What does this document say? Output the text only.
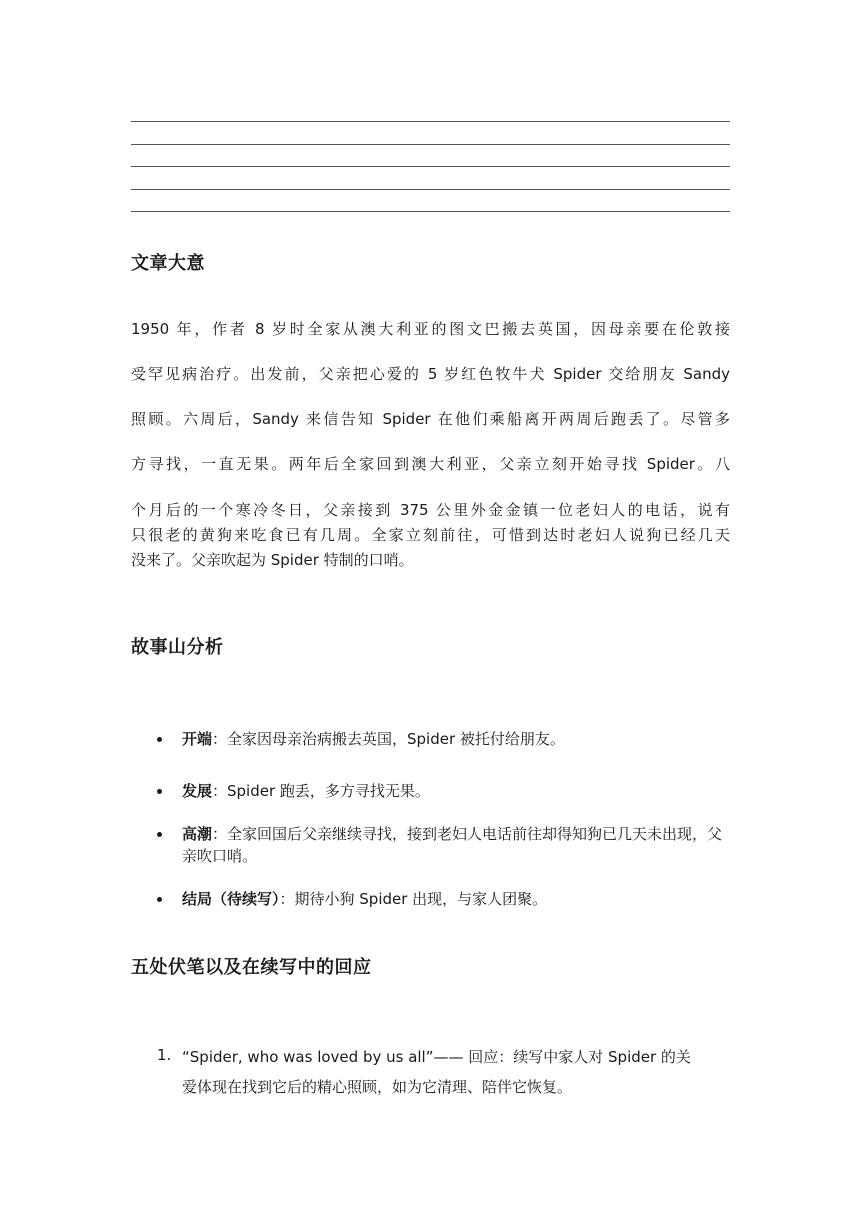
文章大意
1950 年，作者 8 岁时全家从澳大利亚的图文巴搬去英国，因母亲要在伦敦接
受罕见病治疗。出发前，父亲把心爱的 5 岁红色牧牛犬 Spider 交给朋友 Sandy
照顾。六周后，Sandy 来信告知 Spider 在他们乘船离开两周后跑丢了。尽管多
方寻找，一直无果。两年后全家回到澳大利亚，父亲立刻开始寻找 Spider。八
个月后的一个寒冷冬日，父亲接到 375 公里外金金镇一位老妇人的电话，说有
只很老的黄狗来吃食已有几周。全家立刻前往，可惜到达时老妇人说狗已经几天
没来了。父亲吹起为 Spider 特制的口哨。
故事山分析
开端：全家因母亲治病搬去英国，Spider 被托付给朋友。
发展：Spider 跑丢，多方寻找无果。
高潮：全家回国后父亲继续寻找，接到老妇人电话前往却得知狗已几天未出现，父亲吹口哨。
结局（待续写）：期待小狗 Spider 出现，与家人团聚。
五处伏笔以及在续写中的回应
1. “Spider, who was loved by us all”—— 回应：续写中家人对 Spider 的关
爱体现在找到它后的精心照顾，如为它清理、陪伴它恢复。
